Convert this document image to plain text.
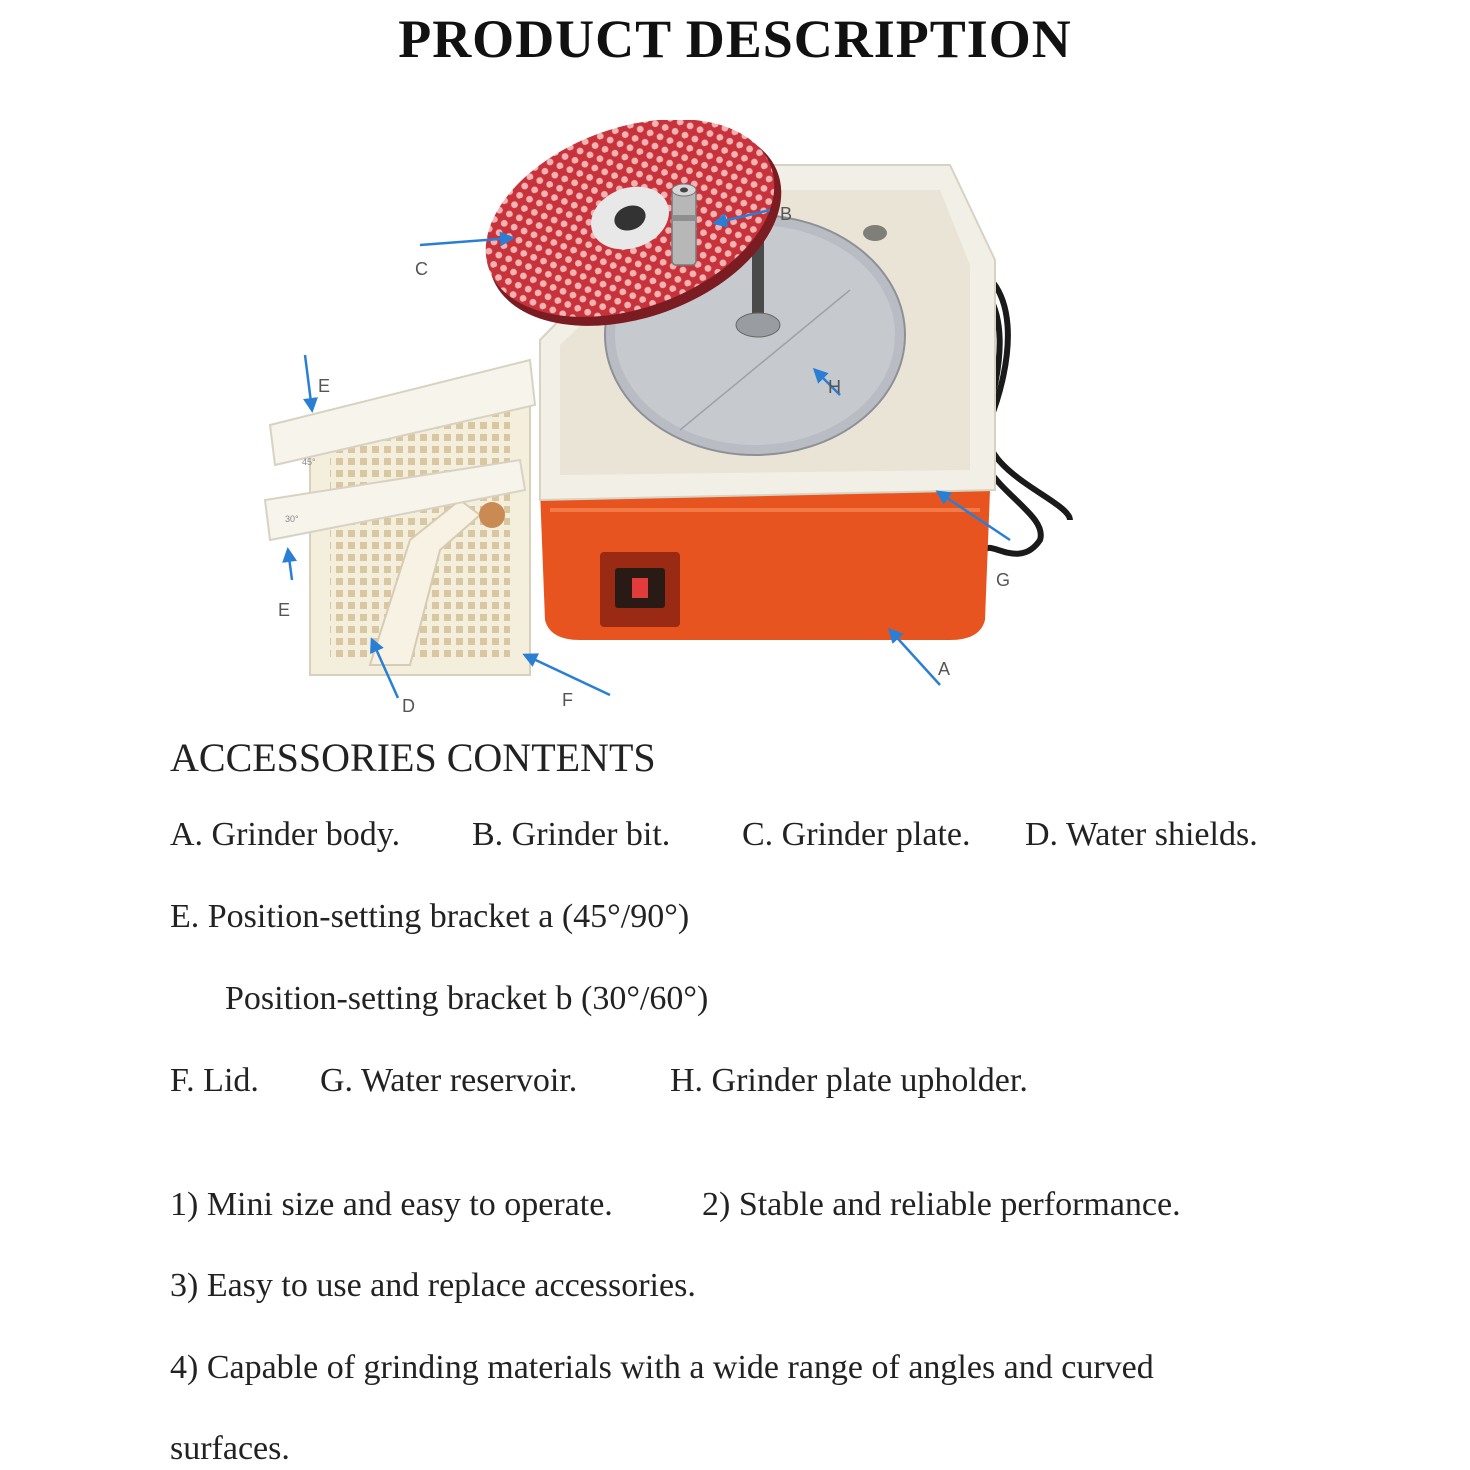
PRODUCT DESCRIPTION
45°
30°
C
B
H
E
E
D	F
A
G
ACCESSORIES CONTENTS
A. Grinder body. B. Grinder bit. C. Grinder plate. D. Water shields.
E. Position-setting bracket a (45°/90°)
Position-setting bracket b (30°/60°)
F. Lid. G. Water reservoir.	H. Grinder plate upholder.
1) Mini size and easy to operate.	2) Stable and reliable performance.
3) Easy to use and replace accessories.
4) Capable of grinding materials with a wide range of angles and curved
surfaces.
